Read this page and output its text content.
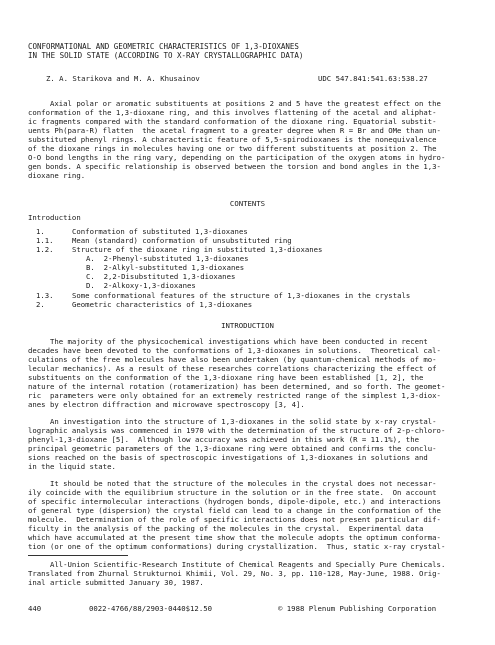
CONFORMATIONAL AND GEOMETRIC CHARACTERISTICS OF 1,3-DIOXANES
IN THE SOLID STATE (ACCORDING TO X-RAY CRYSTALLOGRAPHIC DATA)
Z. A. Starikova and M. A. Khusainov	UDC 547.841:541.63:538.27
Axial polar or aromatic substituents at positions 2 and 5 have the greatest effect on the
conformation of the 1,3-dioxane ring, and this involves flattening of the acetal and aliphat-
ic fragments compared with the standard conformation of the dioxane ring. Equatorial substit-
uents Ph(para-R) flatten  the acetal fragment to a greater degree when R = Br and OMe than un-
substituted phenyl rings. A characteristic feature of 5,5-spirodioxanes is the nonequivalence
of the dioxane rings in molecules having one or two different substituents at position 2. The
O-O bond lengths in the ring vary, depending on the participation of the oxygen atoms in hydro-
gen bonds. A specific relationship is observed between the torsion and bond angles in the 1,3-
dioxane ring.
CONTENTS
Introduction
1.	Conformation of substituted 1,3-dioxanes
1.1.	Mean (standard) conformation of unsubstituted ring
1.2.	Structure of the dioxane ring in substituted 1,3-dioxanes
A.  2-Phenyl-substituted 1,3-dioxanes
B.  2-Alkyl-substituted 1,3-dioxanes
C.  2,2-Disubstituted 1,3-dioxanes
D.  2-Alkoxy-1,3-dioxanes
1.3.	Some conformational features of the structure of 1,3-dioxanes in the crystals
2.	Geometric characteristics of 1,3-dioxanes
INTRODUCTION
The majority of the physicochemical investigations which have been conducted in recent
decades have been devoted to the conformations of 1,3-dioxanes in solutions.  Theoretical cal-
culations of the free molecules have also been undertaken (by quantum-chemical methods of mo-
lecular mechanics). As a result of these researches correlations characterizing the effect of
substituents on the conformation of the 1,3-dioxane ring have been established [1, 2], the
nature of the internal rotation (rotamerization) has been determined, and so forth. The geomet-
ric  parameters were only obtained for an extremely restricted range of the simplest 1,3-diox-
anes by electron diffraction and microwave spectroscopy [3, 4].
An investigation into the structure of 1,3-dioxanes in the solid state by x-ray crystal-
lographic analysis was commenced in 1970 with the determination of the structure of 2-p-chloro-
phenyl-1,3-dioxane [5].  Although low accuracy was achieved in this work (R = 11.1%), the
principal geometric parameters of the 1,3-dioxane ring were obtained and confirms the conclu-
sions reached on the basis of spectroscopic investigations of 1,3-dioxanes in solutions and
in the liquid state.
It should be noted that the structure of the molecules in the crystal does not necessar-
ily coincide with the equilibrium structure in the solution or in the free state.  On account
of specific intermolecular interactions (hydrogen bonds, dipole-dipole, etc.) and interactions
of general type (dispersion) the crystal field can lead to a change in the conformation of the
molecule.  Determination of the role of specific interactions does not present particular dif-
ficulty in the analysis of the packing of the molecules in the crystal.  Experimental data
which have accumulated at the present time show that the molecule adopts the optimum conforma-
tion (or one of the optimum conformations) during crystallization.  Thus, static x-ray crystal-
All-Union Scientific-Research Institute of Chemical Reagents and Specially Pure Chemicals.
Translated from Zhurnal Strukturnoi Khimii, Vol. 29, No. 3, pp. 110-128, May-June, 1988. Orig-
inal article submitted January 30, 1987.
440	0022-4766/88/2903-0440$12.50	© 1988 Plenum Publishing Corporation
